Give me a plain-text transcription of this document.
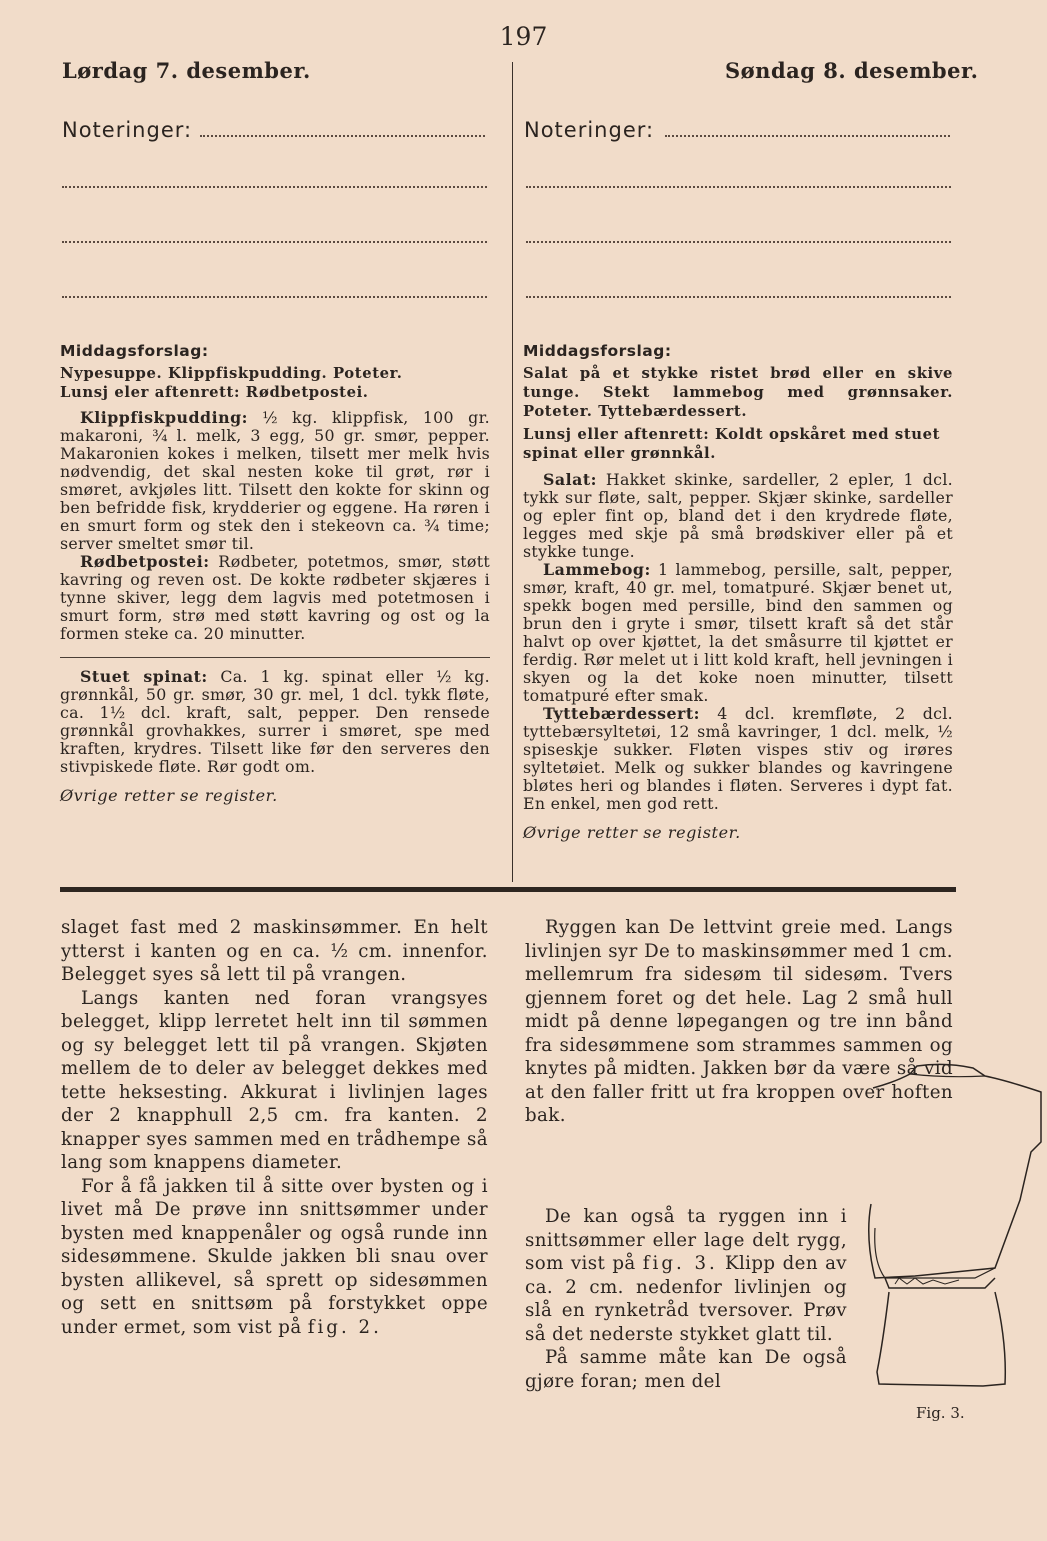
197
Lørdag 7. desember.
Noteringer:
Middagsforslag:
Nypesuppe. Klippfiskpudding. Poteter.
Lunsj eler aftenrett: Rødbetpostei.

Klippfiskpudding: ½ kg. klippfisk, 100 gr. makaroni, ¾ l. melk, 3 egg, 50 gr. smør, pepper. Makaronien kokes i melken, tilsett mer melk hvis nødvendig, det skal nesten koke til grøt, rør i smøret, avkjøles litt. Tilsett den kokte for skinn og ben befridde fisk, krydderier og eggene. Ha røren i en smurt form og stek den i stekeovn ca. ¾ time; server smeltet smør til.

Rødbetpostei: Rødbeter, potetmos, smør, støtt kavring og reven ost. De kokte rødbeter skjæres i tynne skiver, legg dem lagvis med potetmosen i smurt form, strø med støtt kavring og ost og la formen steke ca. 20 minutter.

Stuet spinat: Ca. 1 kg. spinat eller ½ kg. grønnkål, 50 gr. smør, 30 gr. mel, 1 dcl. tykk fløte, ca. 1½ dcl. kraft, salt, pepper. Den rensede grønnkål grovhakkes, surrer i smøret, spe med kraften, krydres. Tilsett like før den serveres den stivpiskede fløte. Rør godt om.

Øvrige retter se register.
Søndag 8. desember.
Noteringer:
Middagsforslag:
Salat på et stykke ristet brød eller en skive tunge. Stekt lammebog med grønnsaker. Poteter. Tyttebærdessert.
Lunsj eller aftenrett: Koldt opskåret med stuet spinat eller grønnkål.

Salat: Hakket skinke, sardeller, 2 epler, 1 dcl. tykk sur fløte, salt, pepper. Skjær skinke, sardeller og epler fint op, bland det i den krydrede fløte, legges med skje på små brødskiver eller på et stykke tunge.

Lammebog: 1 lammebog, persille, salt, pepper, smør, kraft, 40 gr. mel, tomatpuré. Skjær benet ut, spekk bogen med persille, bind den sammen og brun den i gryte i smør, tilsett kraft så det står halvt op over kjøttet, la det småsurre til kjøttet er ferdig. Rør melet ut i litt kold kraft, hell jevningen i skyen og la det koke noen minutter, tilsett tomatpuré efter smak.

Tyttebærdessert: 4 dcl. kremfløte, 2 dcl. tyttebærsyltetøi, 12 små kavringer, 1 dcl. melk, ½ spiseskje sukker. Fløten vispes stiv og irøres syltetøiet. Melk og sukker blandes og kavringene bløtes heri og blandes i fløten. Serveres i dypt fat. En enkel, men god rett.

Øvrige retter se register.

slaget fast med 2 maskinsømmer. En helt ytterst i kanten og en ca. ½ cm. innenfor. Belegget syes så lett til på vrangen.

Langs kanten ned foran vrangsyes belegget, klipp lerretet helt inn til sømmen og sy belegget lett til på vrangen. Skjøten mellem de to deler av belegget dekkes med tette heksesting. Akkurat i livlinjen lages der 2 knapphull 2,5 cm. fra kanten. 2 knapper syes sammen med en trådhempe så lang som knappens diameter.

For å få jakken til å sitte over bysten og i livet må De prøve inn snittsømmer under bysten med knappenåler og også runde inn sidesømmene. Skulde jakken bli snau over bysten allikevel, så sprett op sidesømmen og sett en snittsøm på forstykket oppe under ermet, som vist på fig. 2.

Ryggen kan De lettvint greie med. Langs livlinjen syr De to maskinsømmer med 1 cm. mellemrum fra sidesøm til sidesøm. Tvers gjennem foret og det hele. Lag 2 små hull midt på denne løpegangen og tre inn bånd fra sidesømmene som strammes sammen og knytes på midten. Jakken bør da være så vid at den faller fritt ut fra kroppen over hoften bak.

De kan også ta ryggen inn i snittsømmer eller lage delt rygg, som vist på fig. 3. Klipp den av ca. 2 cm. nedenfor livlinjen og slå en rynketråd tversover. Prøv så det nederste stykket glatt til.

På samme måte kan De også gjøre foran; men del

Fig. 3.
